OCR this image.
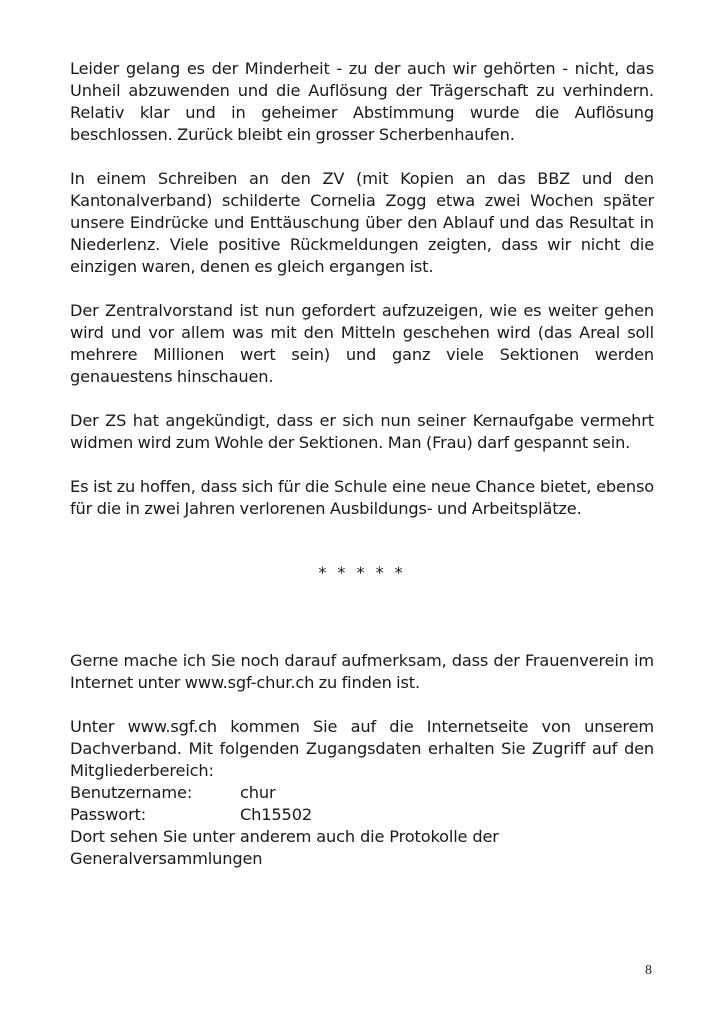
Leider gelang es der Minderheit - zu der auch wir gehörten - nicht, das Unheil abzuwenden und die Auflösung der Trägerschaft zu verhindern. Relativ klar und in geheimer Abstimmung wurde die Auflösung beschlossen. Zurück bleibt ein grosser Scherbenhaufen.

In einem Schreiben an den ZV (mit Kopien an das BBZ und den Kantonalverband) schilderte Cornelia Zogg etwa zwei Wochen später unsere Eindrücke und Enttäuschung über den Ablauf und das Resultat in Niederlenz. Viele positive Rückmeldungen zeigten, dass wir nicht die einzigen waren, denen es gleich ergangen ist.

Der Zentralvorstand ist nun gefordert aufzuzeigen, wie es weiter gehen wird und vor allem was mit den Mitteln geschehen wird (das Areal soll mehrere Millionen wert sein) und ganz viele Sektionen werden genauestens hinschauen.

Der ZS hat angekündigt, dass er sich nun seiner Kernaufgabe vermehrt widmen wird zum Wohle der Sektionen. Man (Frau) darf gespannt sein.

Es ist zu hoffen, dass sich für die Schule eine neue Chance bietet, ebenso für die in zwei Jahren verlorenen Ausbildungs- und Arbeitsplätze.

* * * * *

Gerne mache ich Sie noch darauf aufmerksam, dass der Frauenverein im Internet unter www.sgf-chur.ch zu finden ist.

Unter www.sgf.ch kommen Sie auf die Internetseite von unserem Dachverband. Mit folgenden Zugangsdaten erhalten Sie Zugriff auf den Mitgliederbereich:

Benutzername:	chur
Passwort:	Ch15502
Dort sehen Sie unter anderem auch die Protokolle der
Generalversammlungen
8
